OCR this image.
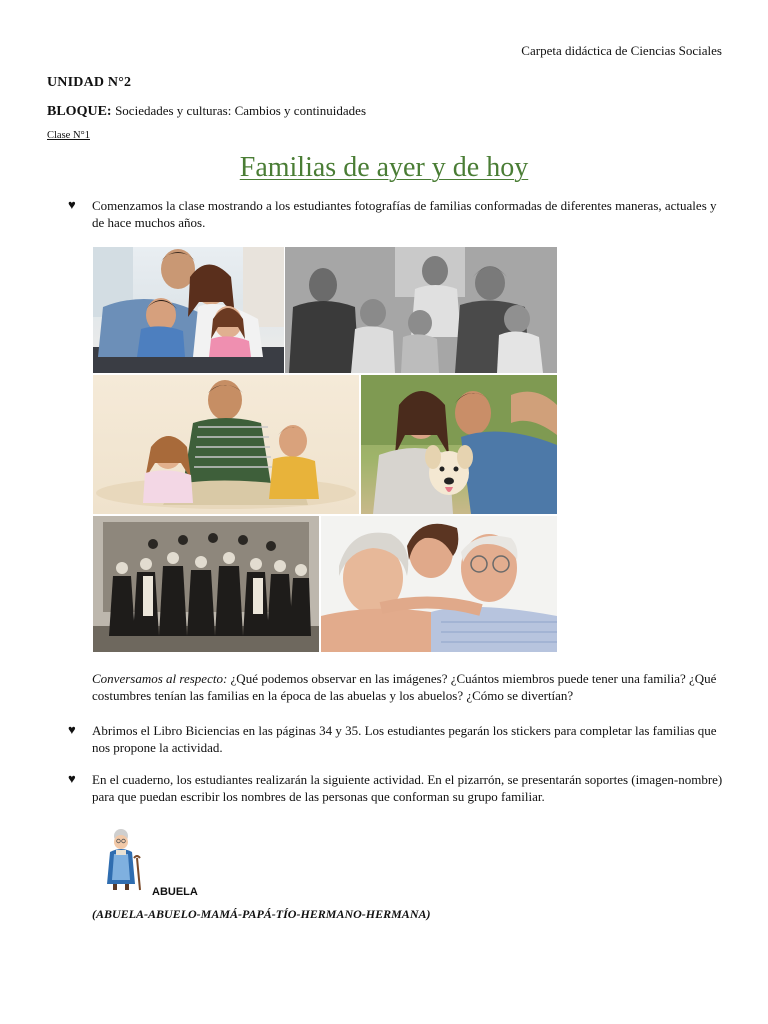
Carpeta didáctica de Ciencias Sociales
UNIDAD N°2
BLOQUE: Sociedades y culturas: Cambios y continuidades
Clase N°1
Familias de ayer y de hoy
♥ Comenzamos la clase mostrando a los estudiantes fotografías de familias conformadas de diferentes maneras, actuales y de hace muchos años.
Conversamos al respecto: ¿Qué podemos observar en las imágenes? ¿Cuántos miembros puede tener una familia? ¿Qué costumbres tenían las familias en la época de las abuelas y los abuelos? ¿Cómo se divertían?
♥ Abrimos el Libro Biciencias en las páginas 34 y 35. Los estudiantes pegarán los stickers para completar las familias que nos propone la actividad.
♥ En el cuaderno, los estudiantes realizarán la siguiente actividad. En el pizarrón, se presentarán soportes (imagen-nombre) para que puedan escribir los nombres de las personas que conforman su grupo familiar.
ABUELA
(ABUELA-ABUELO-MAMÁ-PAPÁ-TÍO-HERMANO-HERMANA)
